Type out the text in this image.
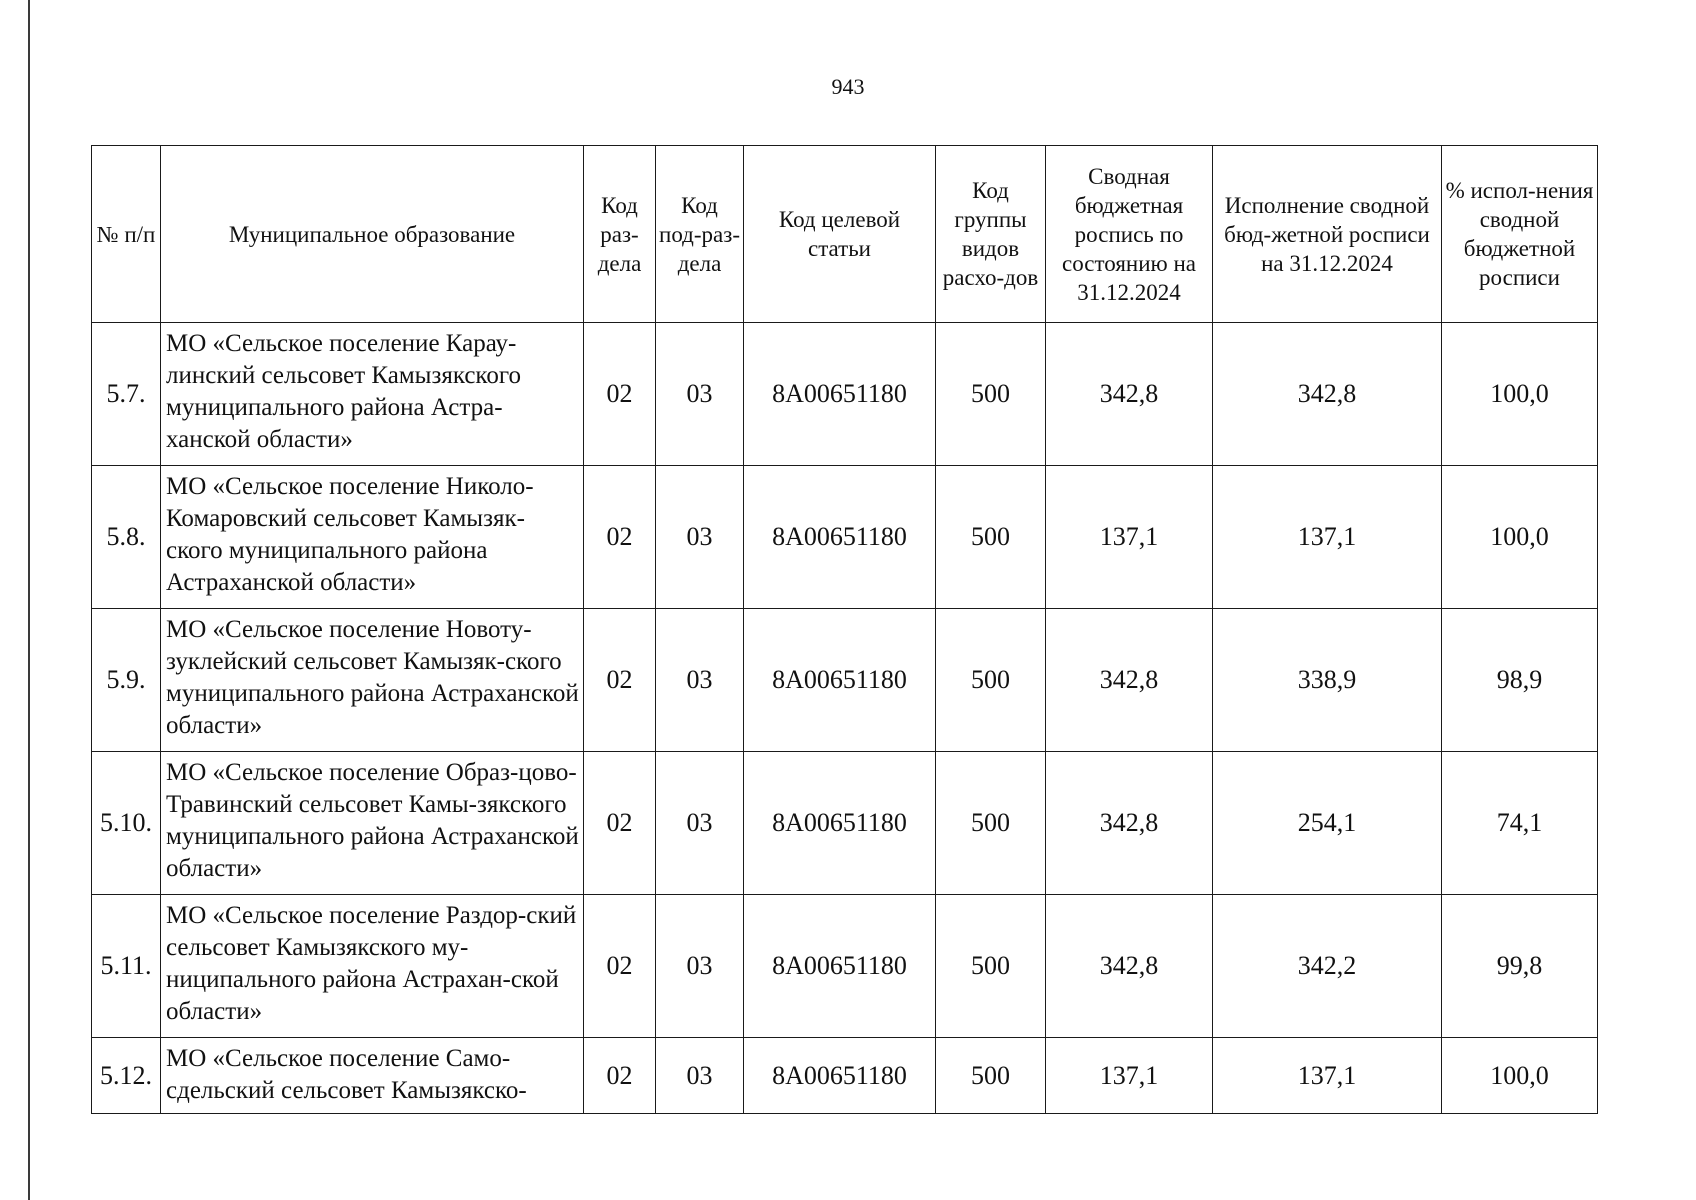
943
№ п/п	Муниципальное образование	Код раз-дела	Код под-раз-дела	Код целевой статьи	Код группы видов расхо-дов	Сводная бюджетная роспись по состоянию на 31.12.2024	Исполнение сводной бюд-жетной росписи на 31.12.2024	% испол-нения сводной бюджетной росписи
5.7.	МО «Сельское поселение Карау-линский сельсовет Камызякского муниципального района Астра-ханской области»	02	03	8А00651180	500	342,8	342,8	100,0
5.8.	МО «Сельское поселение Николо-Комаровский сельсовет Камызяк-ского муниципального района Астраханской области»	02	03	8А00651180	500	137,1	137,1	100,0
5.9.	МО «Сельское поселение Новоту-зуклейский сельсовет Камызяк-ского муниципального района Астраханской области»	02	03	8А00651180	500	342,8	338,9	98,9
5.10.	МО «Сельское поселение Образ-цово-Травинский сельсовет Камы-зякского муниципального района Астраханской области»	02	03	8А00651180	500	342,8	254,1	74,1
5.11.	МО «Сельское поселение Раздор-ский сельсовет Камызякского му-ниципального района Астрахан-ской области»	02	03	8А00651180	500	342,8	342,2	99,8
5.12.	МО «Сельское поселение Само-сдельский сельсовет Камызякско-	02	03	8А00651180	500	137,1	137,1	100,0
